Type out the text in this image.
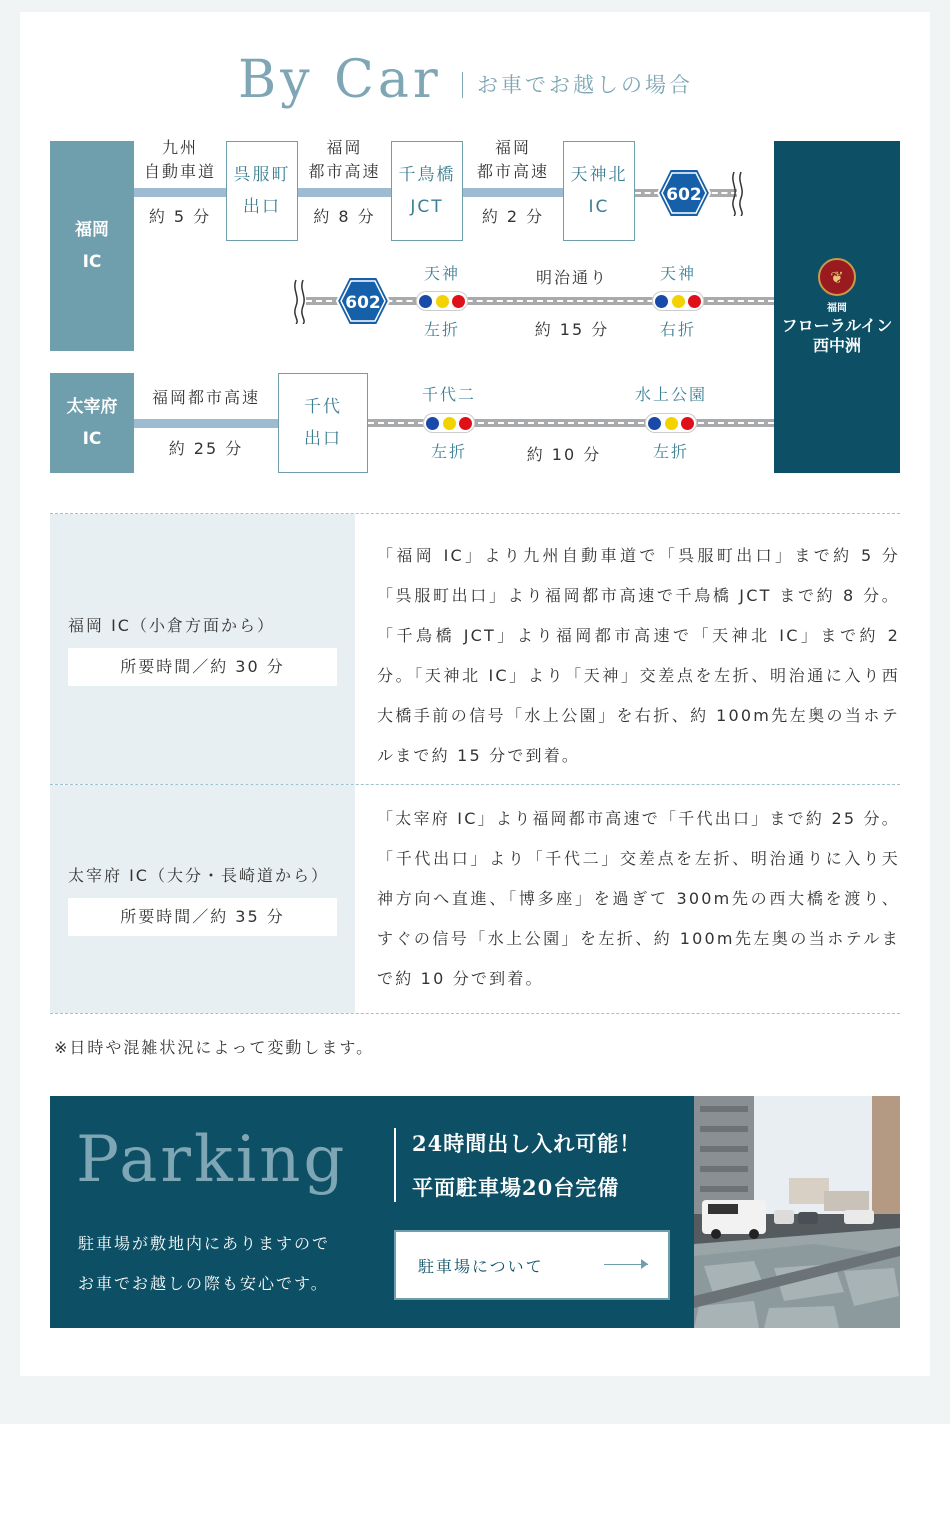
By Car	お車でお越しの場合
福岡
IC
太宰府
IC
❦
福岡
フローラルイン
西中洲
九州
自動車道
約 5 分
呉服町
出口
福岡
都市高速
約 8 分
千鳥橋
JCT
福岡
都市高速
約 2 分
天神北
IC
602
602
天神
左折
明治通り
約 15 分
天神
右折
福岡都市高速
約 25 分
千代
出口
千代二
左折	約 10 分
水上公園
左折
福岡 IC（小倉方面から）
所要時間／約 30 分
「福岡 IC」より九州自動車道で「呉服町出口」まで約 5 分「呉服町出口」より福岡都市高速で千鳥橋 JCT まで約 8 分。「千鳥橋 JCT」より福岡都市高速で「天神北 IC」まで約 2 分。「天神北 IC」より「天神」交差点を左折、明治通に入り西大橋手前の信号「水上公園」を右折、約 100m先左奥の当ホテルまで約 15 分で到着。
太宰府 IC（大分・長崎道から）
所要時間／約 35 分
「太宰府 IC」より福岡都市高速で「千代出口」まで約 25 分。「千代出口」より「千代二」交差点を左折、明治通りに入り天神方向へ直進、「博多座」を過ぎて 300m先の西大橋を渡り、すぐの信号「水上公園」を左折、約 100m先左奥の当ホテルまで約 10 分で到着。
※日時や混雑状況によって変動します。
Parking
駐車場が敷地内にありますので
お車でお越しの際も安心です。
24時間出し入れ可能！
平面駐車場20台完備
駐車場について
